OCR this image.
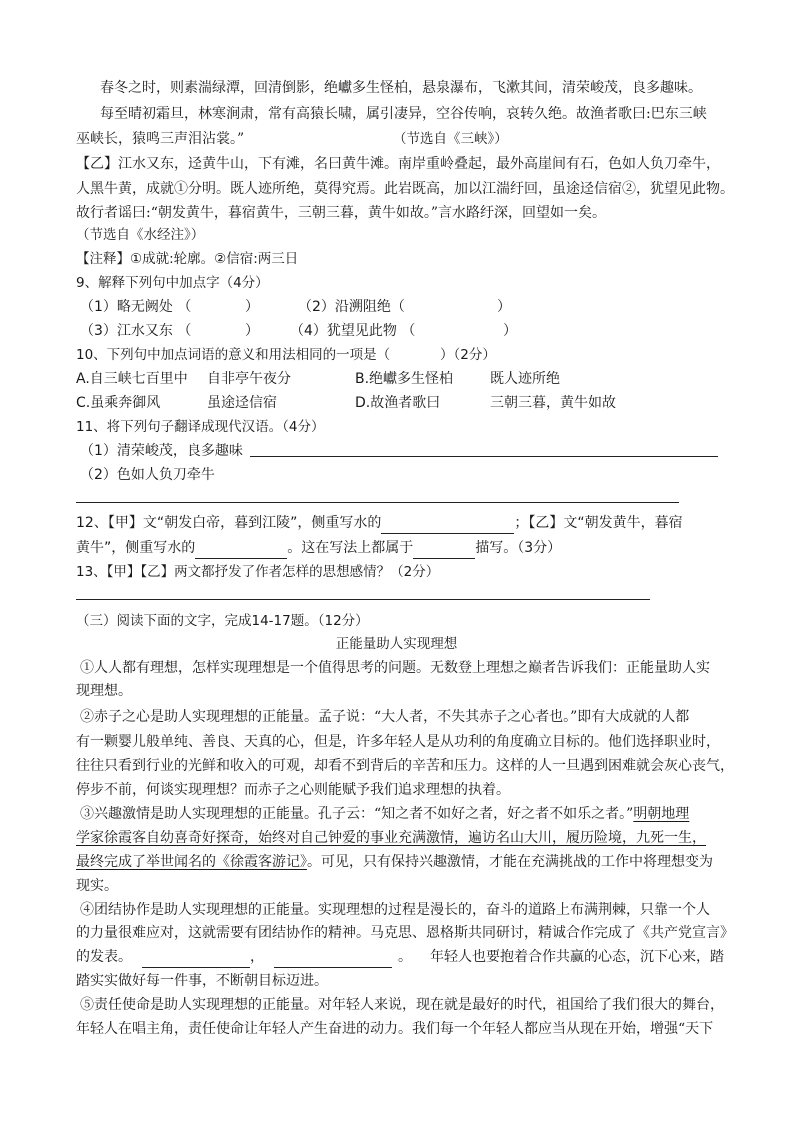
春冬之时，则素湍绿潭，回清倒影，绝巘多生怪柏，悬泉瀑布，飞漱其间，清荣峻茂，良多趣味。
每至晴初霜旦，林寒涧肃，常有高猿长啸，属引凄异，空谷传响，哀转久绝。故渔者歌曰:巴东三峡
巫峡长，猿鸣三声泪沾裳。”	（节选自《三峡》）
【乙】江水又东，迳黄牛山，下有滩，名曰黄牛滩。南岸重岭叠起，最外高崖间有石，色如人负刀牵牛，
人黑牛黄，成就①分明。既人迹所绝，莫得究焉。此岩既高，加以江湍纡回，虽途迳信宿②，犹望见此物。
故行者谣曰:“朝发黄牛，暮宿黄牛，三朝三暮，黄牛如故。”言水路纡深，回望如一矣。
（节选自《水经注》）
【注释】①成就:轮廓。②信宿:两三日
9、解释下列句中加点字（4分）
（1）略无阙处 （	）	（2）沿溯阻绝（	）
（3）江水又东 （	） （4）犹望见此物 （	）
10、下列句中加点词语的意义和用法相同的一项是（	）（2分）
A.自三峡七百里中 自非亭午夜分	B.绝巘多生怪柏	既人迹所绝
C.虽乘奔御风	虽途迳信宿	D.故渔者歌曰	三朝三暮，黄牛如故
11、将下列句子翻译成现代汉语。（4分）
（1）清荣峻茂，良多趣味
（2）色如人负刀牵牛
12、【甲】文“朝发白帝，暮到江陵”，侧重写水的	；【乙】文“朝发黄牛，暮宿
黄牛”，侧重写水的	。这在写法上都属于	描写。（3分）
13、【甲】【乙】两文都抒发了作者怎样的思想感情？（2分）
（三）阅读下面的文字，完成14-17题。（12分）
正能量助人实现理想
①人人都有理想，怎样实现理想是一个值得思考的问题。无数登上理想之巅者告诉我们：正能量助人实
现理想。
②赤子之心是助人实现理想的正能量。孟子说：“大人者，不失其赤子之心者也。”即有大成就的人都
有一颗婴儿般单纯、善良、天真的心，但是，许多年轻人是从功利的角度确立目标的。他们选择职业时，
往往只看到行业的光鲜和收入的可观，却看不到背后的辛苦和压力。这样的人一旦遇到困难就会灰心丧气，
停步不前，何谈实现理想？而赤子之心则能赋予我们追求理想的执着。
③兴趣激情是助人实现理想的正能量。孔子云：“知之者不如好之者，好之者不如乐之者。”明朝地理
学家徐霞客自幼喜奇好探奇，始终对自己钟爱的事业充满激情，遍访名山大川，履历险境，九死一生，
最终完成了举世闻名的《徐霞客游记》。可见，只有保持兴趣激情，才能在充满挑战的工作中将理想变为
现实。
④团结协作是助人实现理想的正能量。实现理想的过程是漫长的，奋斗的道路上布满荆棘，只靠一个人
的力量很难应对，这就需要有团结协作的精神。马克思、恩格斯共同研讨，精诚合作完成了《共产党宣言》
的发表。	，	。 年轻人也要抱着合作共赢的心态，沉下心来，踏
踏实实做好每一件事，不断朝目标迈进。
⑤责任使命是助人实现理想的正能量。对年轻人来说，现在就是最好的时代，祖国给了我们很大的舞台，
年轻人在唱主角，责任使命让年轻人产生奋进的动力。我们每一个年轻人都应当从现在开始，增强“天下
